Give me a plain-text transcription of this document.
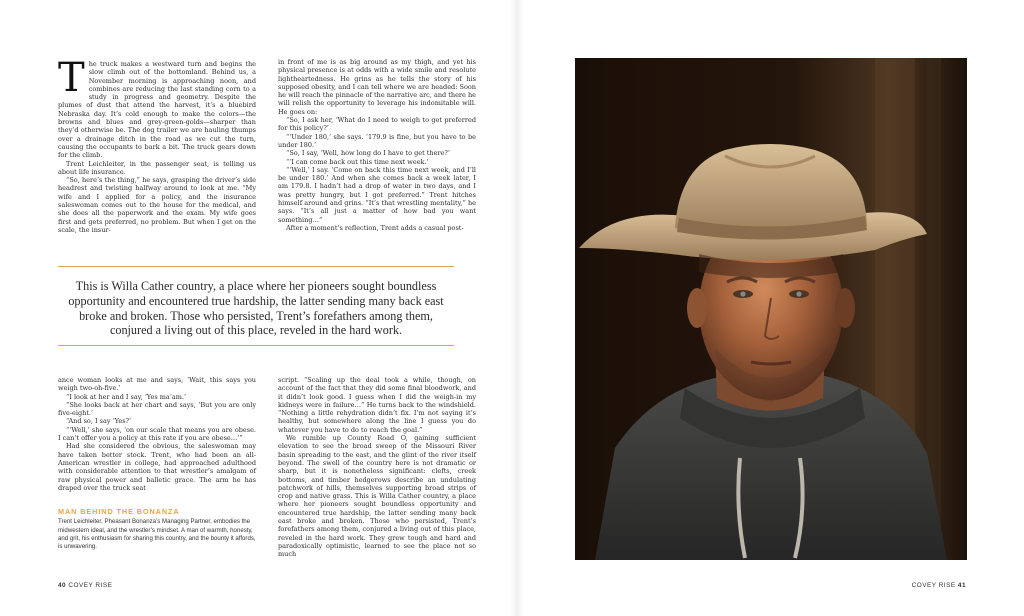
The truck makes a westward turn and begins the slow climb out of the bottomland. Behind us, a November morning is approaching noon, and combines are reducing the last standing corn to a study in progress and geometry. Despite the plumes of dust that attend the harvest, it’s a bluebird Nebraska day. It’s cold enough to make the colors—the browns and blues and grey-green-golds—sharper than they’d otherwise be. The dog trailer we are hauling thumps over a drainage ditch in the road as we cut the turn, causing the occupants to bark a bit. The truck gears down for the climb.

Trent Leichleiter, in the passenger seat, is telling us about life insurance.

“So, here’s the thing,” he says, grasping the driver’s side headrest and twisting halfway around to look at me. “My wife and I applied for a policy, and the insurance saleswoman comes out to the house for the medical, and she does all the paperwork and the exam. My wife goes first and gets preferred, no problem. But when I get on the scale, the insur-

in front of me is as big around as my thigh, and yet his physical presence is at odds with a wide smile and resolute lightheartedness. He grins as he tells the story of his supposed obesity, and I can tell where we are headed: Soon he will reach the pinnacle of the narrative arc, and there he will relish the opportunity to leverage his indomitable will. He goes on:

“So, I ask her, ‘What do I need to weigh to get preferred for this policy?’

“‘Under 180,’ she says. ‘179.9 is fine, but you have to be under 180.’

“So, I say, ‘Well, how long do I have to get there?’

“‘I can come back out this time next week.’

“‘Well,’ I say. ‘Come on back this time next week, and I’ll be under 180.’ And when she comes back a week later, I am 179.8. I hadn’t had a drop of water in two days, and I was pretty hungry, but I got preferred.” Trent hitches himself around and grins. “It’s that wrestling mentality,” he says. “It’s all just a matter of how bad you want something…”

After a moment’s reflection, Trent adds a casual post-

This is Willa Cather country, a place where her pioneers sought boundless opportunity and encountered true hardship, the latter sending many back east broke and broken. Those who persisted, Trent’s forefathers among them, conjured a living out of this place, reveled in the hard work.

ance woman looks at me and says, ‘Wait, this says you weigh two-oh-five.’

“I look at her and I say, ‘Yes ma’am.’

“She looks back at her chart and says, ‘But you are only five-eight.’

“And so, I say ‘Yes?’

“‘Well,’ she says, ‘on our scale that means you are obese. I can’t offer you a policy at this rate if you are obese…’”

Had she considered the obvious, the saleswoman may have taken better stock. Trent, who had been an all-American wrestler in college, had approached adulthood with considerable attention to that wrestler’s amalgam of raw physical power and balletic grace. The arm he has draped over the truck seat

MAN BEHIND THE BONANZA
Trent Leichleiter, Pheasant Bonanza’s Managing Partner, embodies the midwestern ideal, and the wrestler’s mindset. A man of warmth, honesty, and grit, his enthusiasm for sharing this country, and the bounty it affords, is unwavering.

script. “Scaling up the deal took a while, though, on account of the fact that they did some final bloodwork, and it didn’t look good. I guess when I did the weigh-in my kidneys were in failure…” He turns back to the windshield. “Nothing a little rehydration didn’t fix. I’m not saying it’s healthy, but somewhere along the line I guess you do whatever you have to do to reach the goal.”

We rumble up County Road O, gaining sufficient elevation to see the broad sweep of the Missouri River basin spreading to the east, and the glint of the river itself beyond. The swell of the country here is not dramatic or sharp, but it is nonetheless significant: clefts, creek bottoms, and timber hedgerows describe an undulating patchwork of hills, themselves supporting broad strips of crop and native grass. This is Willa Cather country, a place where her pioneers sought boundless opportunity and encountered true hardship, the latter sending many back east broke and broken. Those who persisted, Trent’s forefathers among them, conjured a living out of this place, reveled in the hard work. They grew tough and hard and paradoxically optimistic, learned to see the place not so much

40 COVEY RISE	COVEY RISE 41
